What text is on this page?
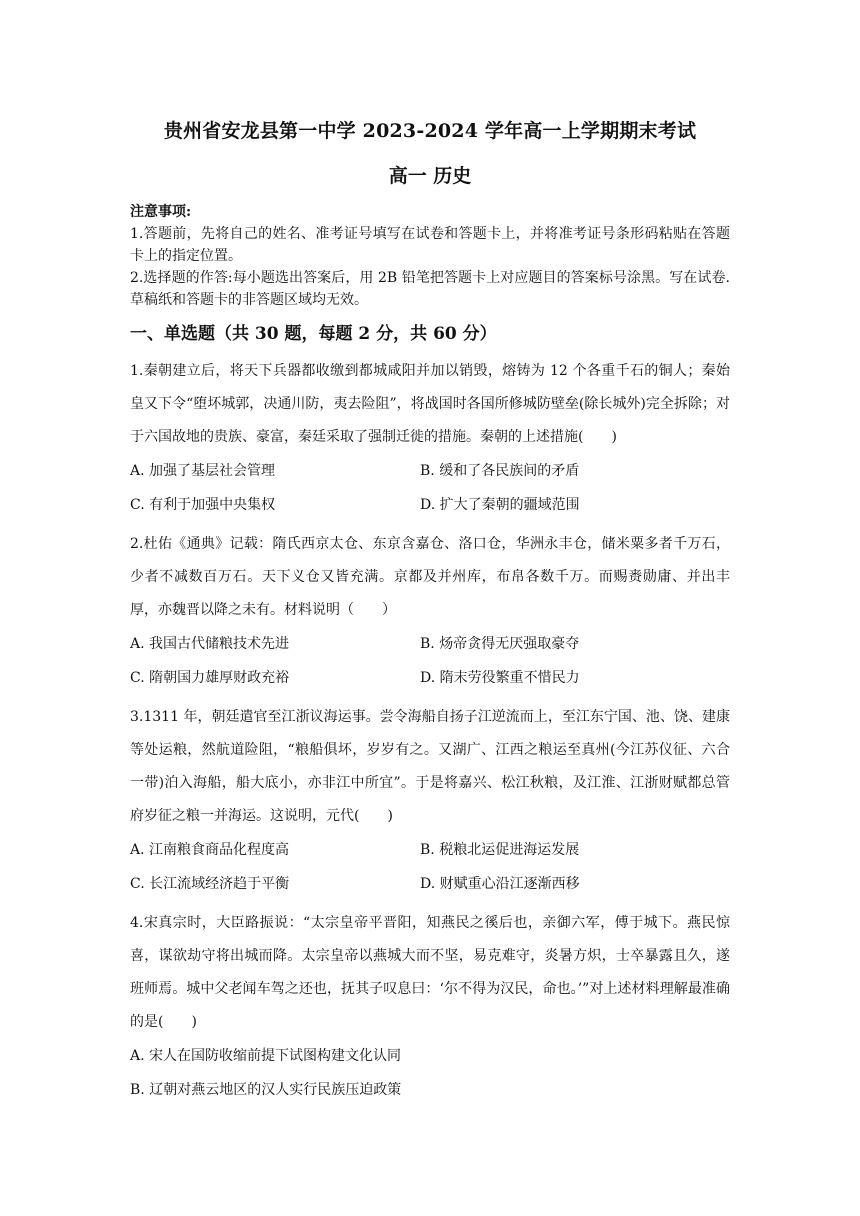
贵州省安龙县第一中学 2023-2024 学年高一上学期期末考试
高一 历史
注意事项:

1.答题前，先将自己的姓名、准考证号填写在试卷和答题卡上，并将准考证号条形码粘贴在答题卡上的指定位置。

2.选择题的作答:每小题选出答案后，用 2B 铅笔把答题卡上对应题目的答案标号涂黑。写在试卷.草稿纸和答题卡的非答题区域均无效。

一、单选题（共 30 题，每题 2 分，共 60 分）

1.秦朝建立后，将天下兵器都收缴到都城咸阳并加以销毁，熔铸为 12 个各重千石的铜人；秦始皇又下令“堕坏城郭，决通川防，夷去险阻”，将战国时各国所修城防壁垒(除长城外)完全拆除；对于六国故地的贵族、豪富，秦廷采取了强制迁徙的措施。秦朝的上述措施(　　)

A. 加强了基层社会管理	B. 缓和了各民族间的矛盾
C. 有利于加强中央集权	D. 扩大了秦朝的疆域范围

2.杜佑《通典》记载：隋氏西京太仓、东京含嘉仓、洛口仓，华洲永丰仓，储米粟多者千万石，少者不减数百万石。天下义仓又皆充满。京都及并州库，布帛各数千万。而赐赉勋庸、并出丰厚，亦魏晋以降之未有。材料说明（　　）

A. 我国古代储粮技术先进	B. 炀帝贪得无厌强取豪夺
C. 隋朝国力雄厚财政充裕	D. 隋末劳役繁重不惜民力

3.1311 年，朝廷遣官至江浙议海运事。尝令海船自扬子江逆流而上，至江东宁国、池、饶、建康等处运粮，然航道险阻，“粮船俱坏，岁岁有之。又湖广、江西之粮运至真州(今江苏仪征、六合一带)泊入海船，船大底小，亦非江中所宜”。于是将嘉兴、松江秋粮，及江淮、江浙财赋都总管府岁征之粮一并海运。这说明，元代(　　)

A. 江南粮食商品化程度高	B. 税粮北运促进海运发展
C. 长江流域经济趋于平衡	D. 财赋重心沿江逐渐西移

4.宋真宗时，大臣路振说：“太宗皇帝平晋阳，知燕民之徯后也，亲御六军，傅于城下。燕民惊喜，谋欲劫守将出城而降。太宗皇帝以燕城大而不坚，易克难守，炎暑方炽，士卒暴露且久，遂班师焉。城中父老闻车驾之还也，抚其子叹息曰：‘尔不得为汉民，命也。’”对上述材料理解最准确的是(　　)

A. 宋人在国防收缩前提下试图构建文化认同
B. 辽朝对燕云地区的汉人实行民族压迫政策
